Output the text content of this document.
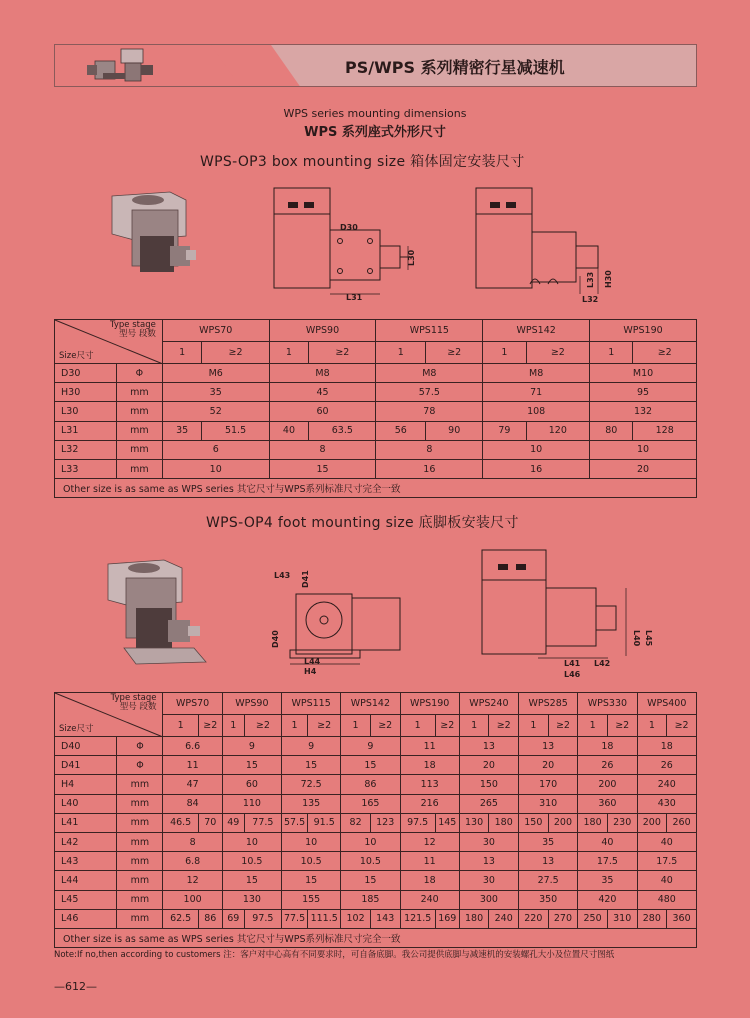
PS/WPS 系列精密行星减速机
WPS series mounting dimensions
WPS 系列座式外形尺寸
WPS-OP3 box mounting size 箱体固定安装尺寸
D30
L30
L31
L33 H30
L32
Type stage
型号 段数
Size尺寸		WPS70		WPS90		WPS115		WPS142		WPS190	
		1	≥2	1	≥2	1	≥2	1	≥2	1	≥2
D30	Φ	M6		M8		M8		M8		M10	
H30	mm	35		45		57.5		71		95	
L30	mm	52		60		78		108		132	
L31	mm	35	51.5	40	63.5	56	90	79	120	80	128
L32	mm	6		8		8		10		10	
L33	mm	10		15		16		16		20	
Other size is as same as WPS series 其它尺寸与WPS系列标准尺寸完全一致											
WPS-OP4 foot mounting size 底脚板安装尺寸
L43 D41
D40
L44
H4
L45
L40
L41 L42
L46
Type stage
型号 段数
Size尺寸		WPS70		WPS90		WPS115		WPS142		WPS190		WPS240		WPS285		WPS330		WPS400	
		1	≥2	1	≥2	1	≥2	1	≥2	1	≥2	1	≥2	1	≥2	1	≥2	1	≥2
D40	Φ	6.6		9		9		9		11		13		13		18		18	
D41	Φ	11		15		15		15		18		20		20		26		26	
H4	mm	47		60		72.5		86		113		150		170		200		240	
L40	mm	84		110		135		165		216		265		310		360		430	
L41	mm	46.5	70	49	77.5	57.5	91.5	82	123	97.5	145	130	180	150	200	180	230	200	260
L42	mm	8		10		10		10		12		30		35		40		40	
L43	mm	6.8		10.5		10.5		10.5		11		13		13		17.5		17.5	
L44	mm	12		15		15		15		18		30		27.5		35		40	
L45	mm	100		130		155		185		240		300		350		420		480	
L46	mm	62.5	86	69	97.5	77.5	111.5	102	143	121.5	169	180	240	220	270	250	310	280	360
Other size is as same as WPS series 其它尺寸与WPS系列标准尺寸完全一致																			
Note:If no,then according to customers 注：客户对中心高有不同要求时，可自备底脚。我公司提供底脚与减速机的安装螺孔大小及位置尺寸图纸
—612—
